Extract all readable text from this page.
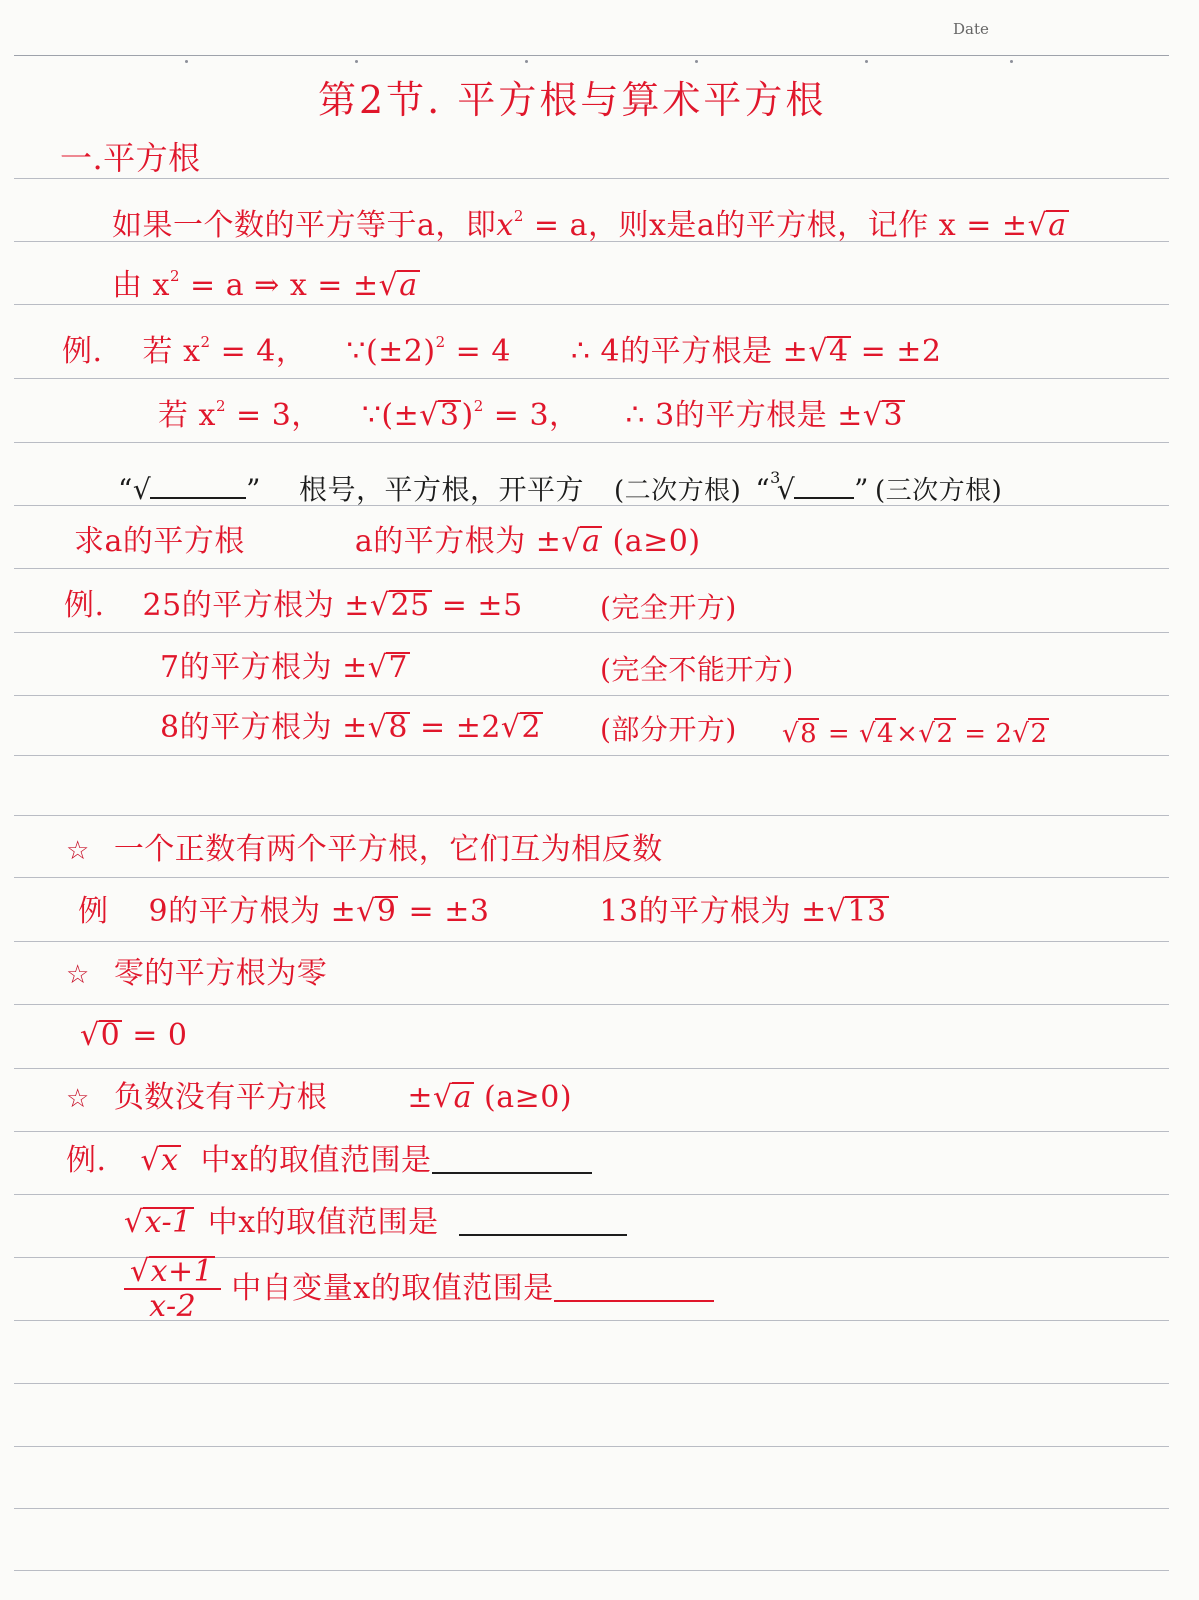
Date
第2节. 平方根与算术平方根
一.平方根
如果一个数的平方等于a，即$x^2 = a$，则x是a的平方根，记作 x = ±√a
由 $x^2 = a$ ⇒ x = ±√a
例. 若 $x^2 = 4$， $\because(\pm 2)^2 = 4$ ∴ 4的平方根是 ±√4 = ±2
若 $x^2 = 3$， $\because(\pm√3)^2 = 3$， ∴ 3的平方根是 ±√3
“√	” 根号，平方根，开平方 (二次方根) “$^3$√ ” (三次方根)
求a的平方根	a的平方根为 ±√a (a≥0)
例. 25的平方根为 ±√25 = ±5	(完全开方)
7的平方根为 ±√7	(完全不能开方)
8的平方根为 ±√8 = ±2√2 (部分开方) √8 = √4×√2 = 2√2
☆ 一个正数有两个平方根，它们互为相反数
例 9的平方根为 ±√9 = ±3	13的平方根为 ±√13
☆ 零的平方根为零
√0 = 0
☆ 负数没有平方根	±√a (a≥0)
例. √x 中x的取值范围是
√x-1 中x的取值范围是
$\frac{√x+1}{x-2}$ 中自变量x的取值范围是
